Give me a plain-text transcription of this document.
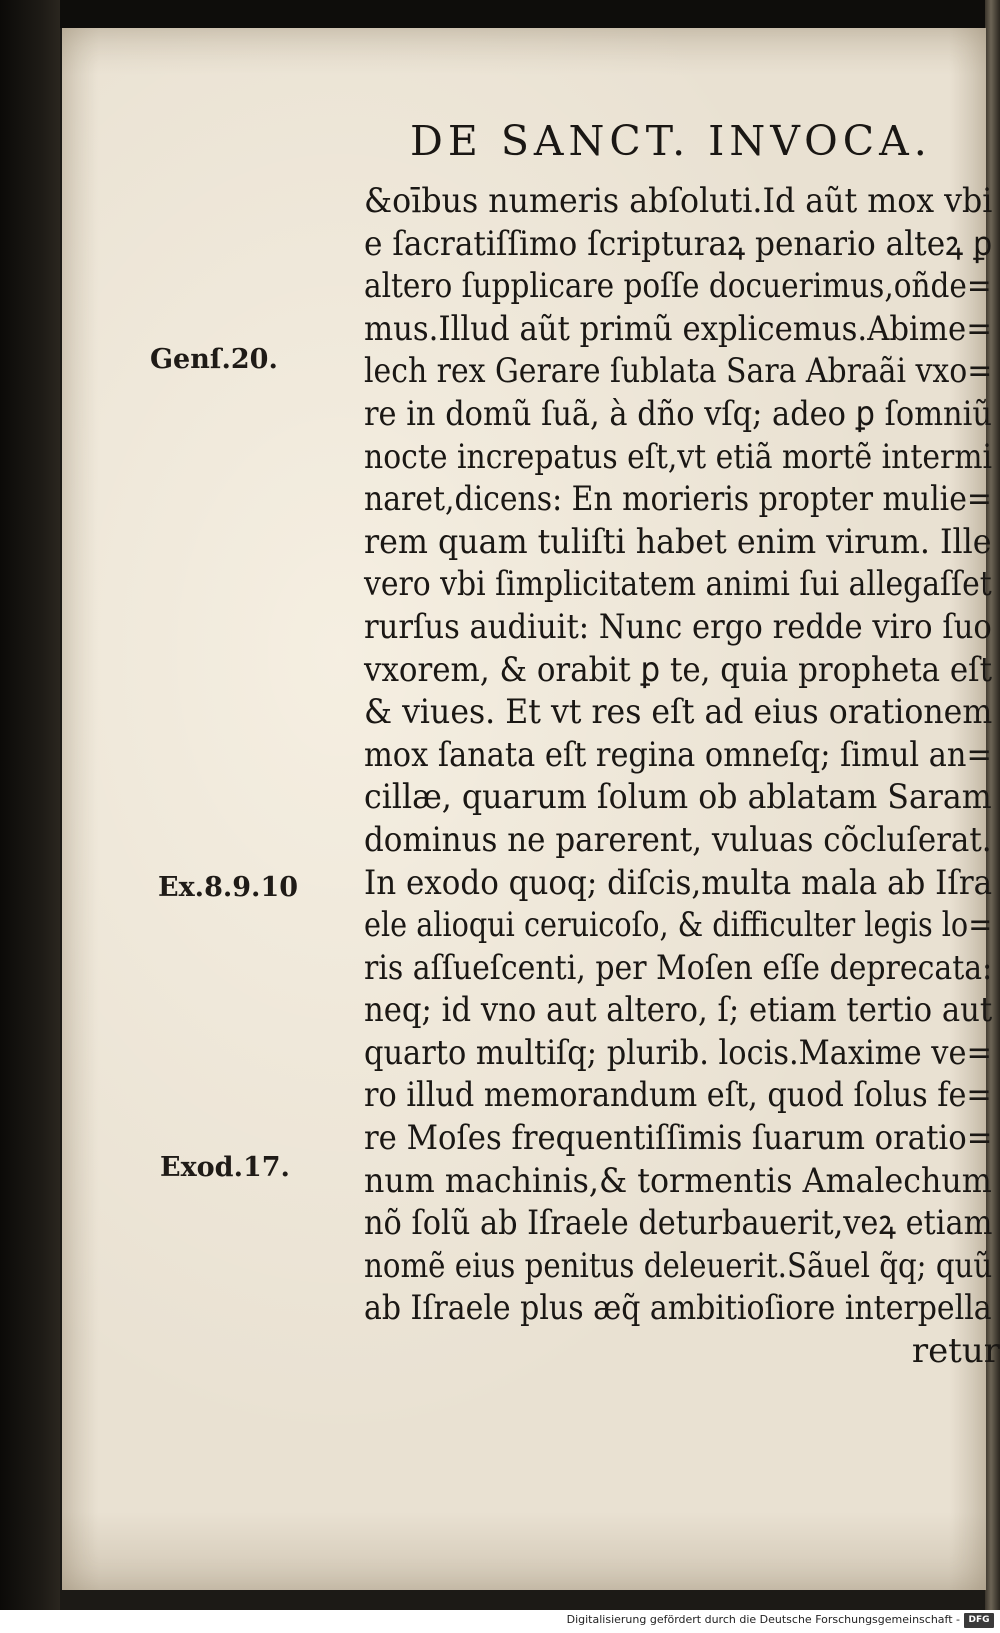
DE SANCT. INVOCA.
Genſ.20.
Ex.8.9.10
Exod.17.
&oībus numeris abſoluti.Id aũt mox vbi
e ſacratiſſimo ſcripturaꝝ penario alteꝝ ꝑ
altero ſupplicare poſſe docuerimus,oñde=
mus.Illud aũt primũ explicemus.Abime=
lech rex Gerare ſublata Sara Abraãi vxo=
re in domũ ſuã, à dño vſq; adeo ꝑ ſomniũ
nocte increpatus eſt,vt etiã mortẽ intermi
naret,dicens: En morieris propter mulie=
rem quam tuliſti habet enim virum. Ille
vero vbi ſimplicitatem animi ſui allegaſſet
rurſus audiuit: Nunc ergo redde viro ſuo
vxorem, & orabit ꝑ te, quia propheta eſt
& viues. Et vt res eſt ad eius orationem
mox ſanata eſt regina omneſq; ſimul an=
cillæ, quarum ſolum ob ablatam Saram
dominus ne parerent, vuluas cõcluſerat.
In exodo quoq; diſcis,multa mala ab Iſra
ele alioqui ceruicoſo, & difficulter legis lo=
ris aſſueſcenti, per Moſen eſſe deprecata:
neq; id vno aut altero, ſ; etiam tertio aut
quarto multiſq; plurib. locis.Maxime ve=
ro illud memorandum eſt, quod ſolus fe=
re Moſes frequentiſſimis ſuarum oratio=
num machinis,& tormentis Amalechum
nõ ſolũ ab Iſraele deturbauerit,veꝝ etiam
nomẽ eius penitus deleuerit.Sãuel q̃q; quũ
ab Iſraele plus æq̃ ambitioſiore interpella
retur
Digitalisierung gefördert durch die Deutsche Forschungsgemeinschaft - DFG
